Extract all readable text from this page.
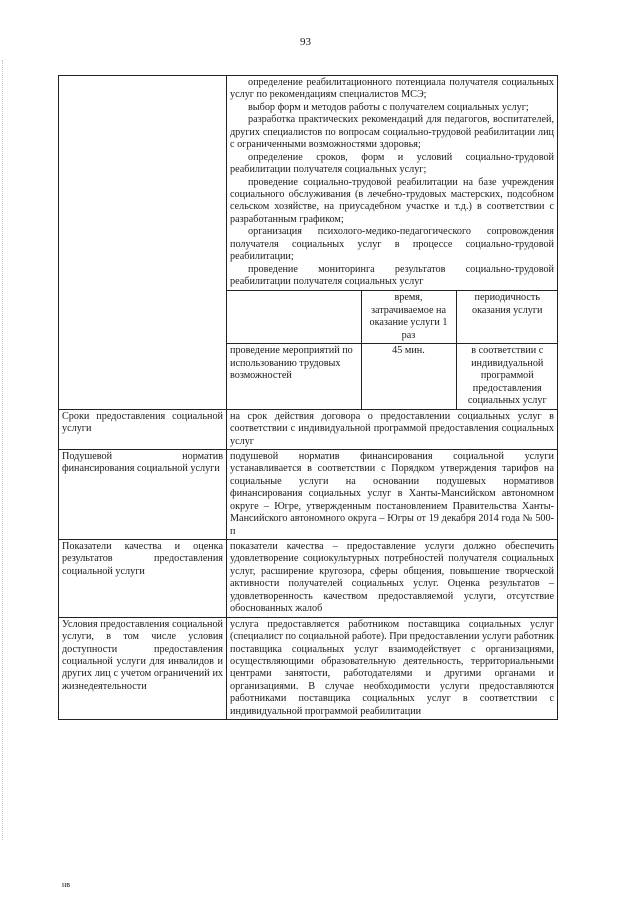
93

определение реабилитационного потенциала получателя социальных услуг по рекомендациям специалистов МСЭ;

выбор форм и методов работы с получателем социальных услуг;

разработка практических рекомендаций для педагогов, воспитателей, других специалистов по вопросам социально-трудовой реабилитации лиц с ограниченными возможностями здоровья;

определение сроков, форм и условий социально-трудовой реабилитации получателя социальных услуг;

проведение социально-трудовой реабилитации на базе учреждения социального обслуживания (в лечебно-трудовых мастерских, подсобном сельском хозяйстве, на приусадебном участке и т.д.) в соответствии с разработанным графиком;

организация психолого-медико-педагогического сопровождения получателя социальных услуг в процессе социально-трудовой реабилитации;

проведение мониторинга результатов социально-трудовой реабилитации получателя социальных услуг

	время, затрачиваемое на оказание услуги 1 раз	периодичность оказания услуги
проведение мероприятий по использованию трудовых возможностей	45 мин.	в соответствии с индивидуальной программой предоставления социальных услуг

Сроки предоставления социальной услуги	на срок действия договора о предоставлении социальных услуг в соответствии с индивидуальной программой предоставления социальных услуг
Подушевой норматив финансирования социальной услуги	подушевой норматив финансирования социальной услуги устанавливается в соответствии с Порядком утверждения тарифов на социальные услуги на основании подушевых нормативов финансирования социальных услуг в Ханты-Мансийском автономном округе – Югре, утвержденным постановлением Правительства Ханты-Мансийского автономного округа – Югры от 19 декабря 2014 года № 500-п
Показатели качества и оценка результатов предоставления социальной услуги	показатели качества – предоставление услуги должно обеспечить удовлетворение социокультурных потребностей получателя социальных услуг, расширение кругозора, сферы общения, повышение творческой активности получателей социальных услуг. Оценка результатов – удовлетворенность качеством предоставляемой услуги, отсутствие обоснованных жалоб
Условия предоставления социальной услуги, в том числе условия доступности предоставления социальной услуги для инвалидов и других лиц с учетом ограничений их жизнедеятельности	услуга предоставляется работником поставщика социальных услуг (специалист по социальной работе). При предоставлении услуги работник поставщика социальных услуг взаимодействует с организациями, осуществляющими образовательную деятельность, территориальными центрами занятости, работодателями и другими органами и организациями. В случае необходимости услуги предоставляются работниками поставщика социальных услуг в соответствии с индивидуальной программой реабилитации
нв
